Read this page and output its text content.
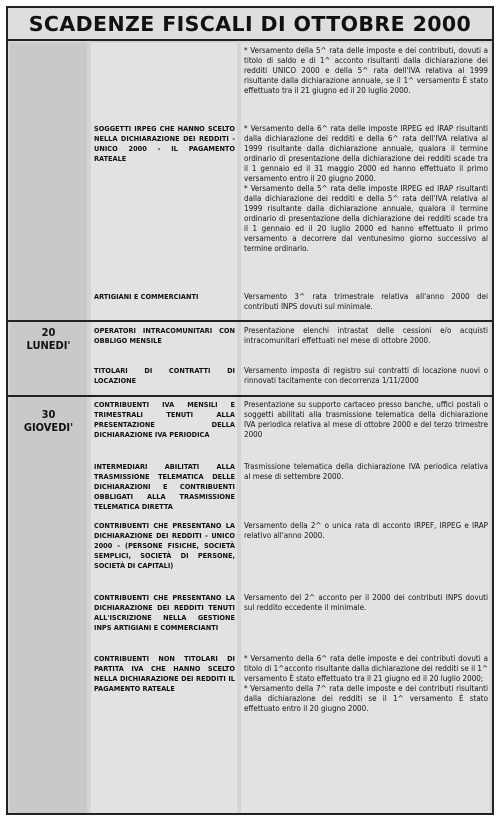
SCADENZE FISCALI DI OTTOBRE 2000
* Versamento della 5^ rata delle imposte e dei contributi, dovuti a titolo di saldo e di 1^ acconto risultanti dalla dichiarazione dei redditi UNICO 2000 e della 5^ rata dell'IVA relativa al 1999 risultante dalla dichiarazione annuale, se il 1^ versamento È stato effettuato tra il 21 giugno ed il 20 luglio 2000.
SOGGETTI IRPEG CHE HANNO SCELTO NELLA DICHIARAZIONE DEI REDDITI - UNICO 2000 - IL PAGAMENTO RATEALE
* Versamento della 6^ rata delle imposte IRPEG ed IRAP risultanti dalla dichiarazione dei redditi e della 6^ rata dell'IVA relativa al 1999 risultante dalla dichiarazione annuale, qualora il termine ordinario di presentazione della dichiarazione dei redditi scade tra il 1 gennaio ed il 31 maggio 2000 ed hanno effettuato il primo versamento entro il 20 giugno 2000.
* Versamento della 5^ rata delle imposte IRPEG ed IRAP risultanti dalla dichiarazione dei redditi e della 5^ rata dell'IVA relativa al 1999 risultante dalla dichiarazione annuale, qualora il termine ordinario di presentazione della dichiarazione dei redditi scade tra il 1 gennaio ed il 20 luglio 2000 ed hanno effettuato il primo versamento a decorrere dal ventunesimo giorno successivo al termine ordinario.
ARTIGIANI E COMMERCIANTI	Versamento 3^ rata trimestrale relativa all'anno 2000 dei contributi INPS dovuti sul minimale.
20
LUNEDI'
OPERATORI INTRACOMUNITARI CON OBBLIGO MENSILE
Presentazione elenchi intrastat delle cessioni e/o acquisti intracomunitari effettuati nel mese di ottobre 2000.
TITOLARI DI CONTRATTI DI LOCAZIONE
Versamento imposta di registro sui contratti di locazione nuovi o rinnovati tacitamente con decorrenza 1/11/2000
30
GIOVEDI'
CONTRIBUENTI IVA MENSILI E TRIMESTRALI TENUTI ALLA PRESENTAZIONE DELLA DICHIARAZIONE IVA PERIODICA
Presentazione su supporto cartaceo presso banche, uffici postali o soggetti abilitati alla trasmissione telematica della dichiarazione IVA periodica relativa al mese di ottobre 2000 e del terzo trimestre 2000
INTERMEDIARI ABILITATI ALLA TRASMISSIONE TELEMATICA DELLE DICHIARAZIONI E CONTRIBUENTI OBBLIGATI ALLA TRASMISSIONE TELEMATICA DIRETTA
Trasmissione telematica della dichiarazione IVA periodica relativa al mese di settembre 2000.
CONTRIBUENTI CHE PRESENTANO LA DICHIARAZIONE DEI REDDITI - UNICO 2000 - (PERSONE FISICHE, SOCIETÀ SEMPLICI, SOCIETÀ DI PERSONE, SOCIETÀ DI CAPITALI)
Versamento della 2^ o unica rata di acconto IRPEF, IRPEG e IRAP relativo all'anno 2000.
CONTRIBUENTI CHE PRESENTANO LA DICHIARAZIONE DEI REDDITI TENUTI ALL'ISCRIZIONE NELLA GESTIONE INPS ARTIGIANI E COMMERCIANTI
Versamento del 2^ acconto per il 2000 dei contributi INPS dovuti sul reddito eccedente il minimale.
CONTRIBUENTI NON TITOLARI DI PARTITA IVA CHE HANNO SCELTO NELLA DICHIARAZIONE DEI REDDITI IL PAGAMENTO RATEALE
* Versamento della 6^ rata delle imposte e dei contributi dovuti a titolo di 1^acconto risultante dalla dichiarazione dei redditi se il 1^ versamento È stato effettuato tra il 21 giugno ed il 20 luglio 2000;
* Versamento della 7^ rata delle imposte e dei contributi risultanti dalla dichiarazione dei redditi se il 1^ versamento È stato effettuato entro il 20 giugno 2000.
